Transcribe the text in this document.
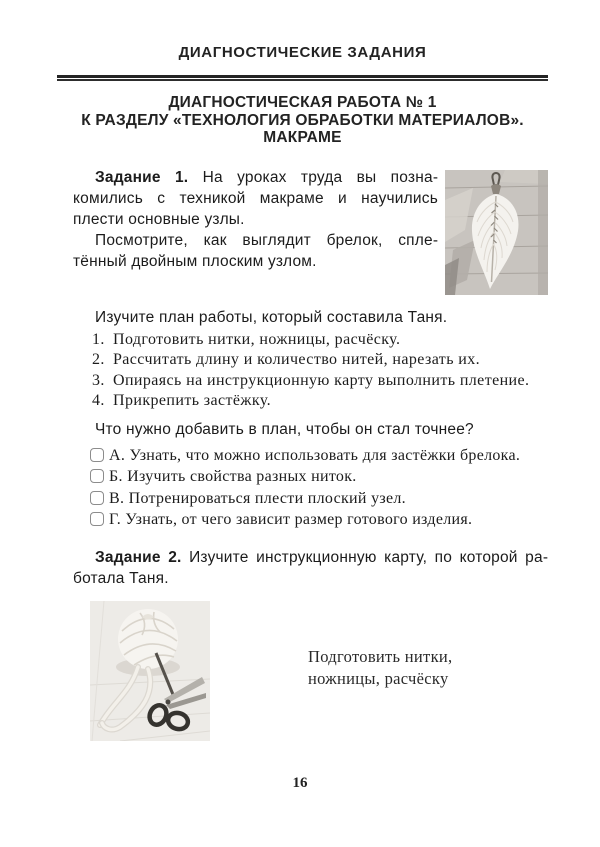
ДИАГНОСТИЧЕСКИЕ ЗАДАНИЯ
ДИАГНОСТИЧЕСКАЯ РАБОТА № 1
К РАЗДЕЛУ «ТЕХНОЛОГИЯ ОБРАБОТКИ МАТЕРИАЛОВ».
МАКРАМЕ

Задание 1. На уроках труда вы познакомились с техникой макраме и научились плести основные узлы.

Посмотрите, как выглядит брелок, сплетённый двойным плоским узлом.

Изучите план работы, который составила Таня.

1. Подготовить нитки, ножницы, расчёску.
2. Рассчитать длину и количество нитей, нарезать их.
3. Опираясь на инструкционную карту выполнить плетение.
4. Прикрепить застёжку.

Что нужно добавить в план, чтобы он стал точнее?

А. Узнать, что можно использовать для застёжки брелока.
Б. Изучить свойства разных ниток.
В. Потренироваться плести плоский узел.
Г. Узнать, от чего зависит размер готового изделия.
Задание 2. Изучите инструкционную карту, по которой работала Таня.
Подготовить нитки, ножницы, расчёску
16
